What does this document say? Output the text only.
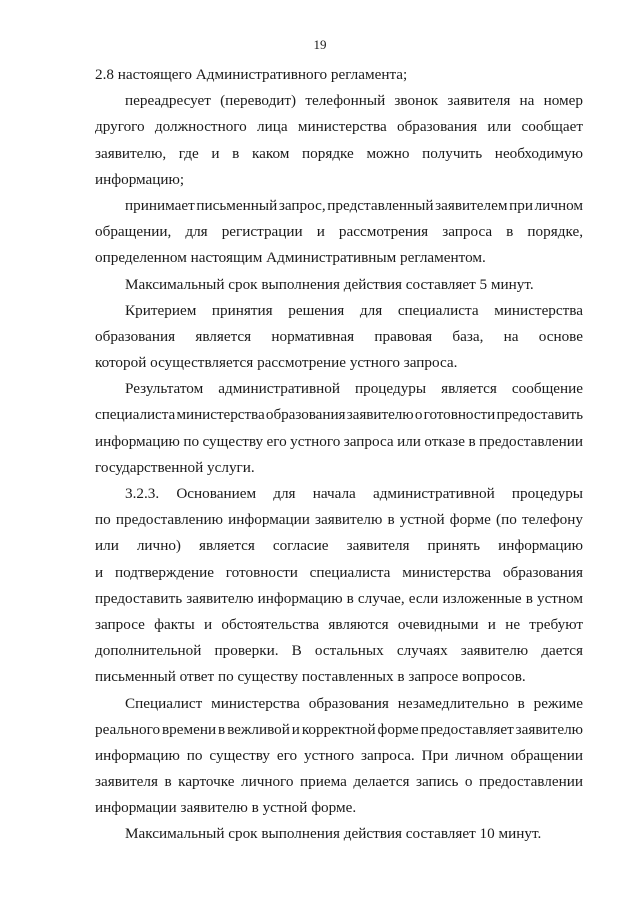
19
2.8 настоящего Административного регламента;
переадресует (переводит) телефонный звонок заявителя на номер
другого должностного лица министерства образования или сообщает
заявителю, где и в каком порядке можно получить необходимую
информацию;
принимает письменный запрос, представленный заявителем при личном
обращении, для регистрации и рассмотрения запроса в порядке,
определенном настоящим Административным регламентом.
Максимальный срок выполнения действия составляет 5 минут.
Критерием принятия решения для специалиста министерства
образования является нормативная правовая база, на основе
которой осуществляется рассмотрение устного запроса.
Результатом административной процедуры является сообщение
специалиста министерства образования заявителю о готовности предоставить
информацию по существу его устного запроса или отказе в предоставлении
государственной услуги.
3.2.3. Основанием для начала административной процедуры
по предоставлению информации заявителю в устной форме (по телефону
или лично) является согласие заявителя принять информацию
и подтверждение готовности специалиста министерства образования
предоставить заявителю информацию в случае, если изложенные в устном
запросе факты и обстоятельства являются очевидными и не требуют
дополнительной проверки. В остальных случаях заявителю дается
письменный ответ по существу поставленных в запросе вопросов.
Специалист министерства образования незамедлительно в режиме
реального времени в вежливой и корректной форме предоставляет заявителю
информацию по существу его устного запроса. При личном обращении
заявителя в карточке личного приема делается запись о предоставлении
информации заявителю в устной форме.
Максимальный срок выполнения действия составляет 10 минут.
